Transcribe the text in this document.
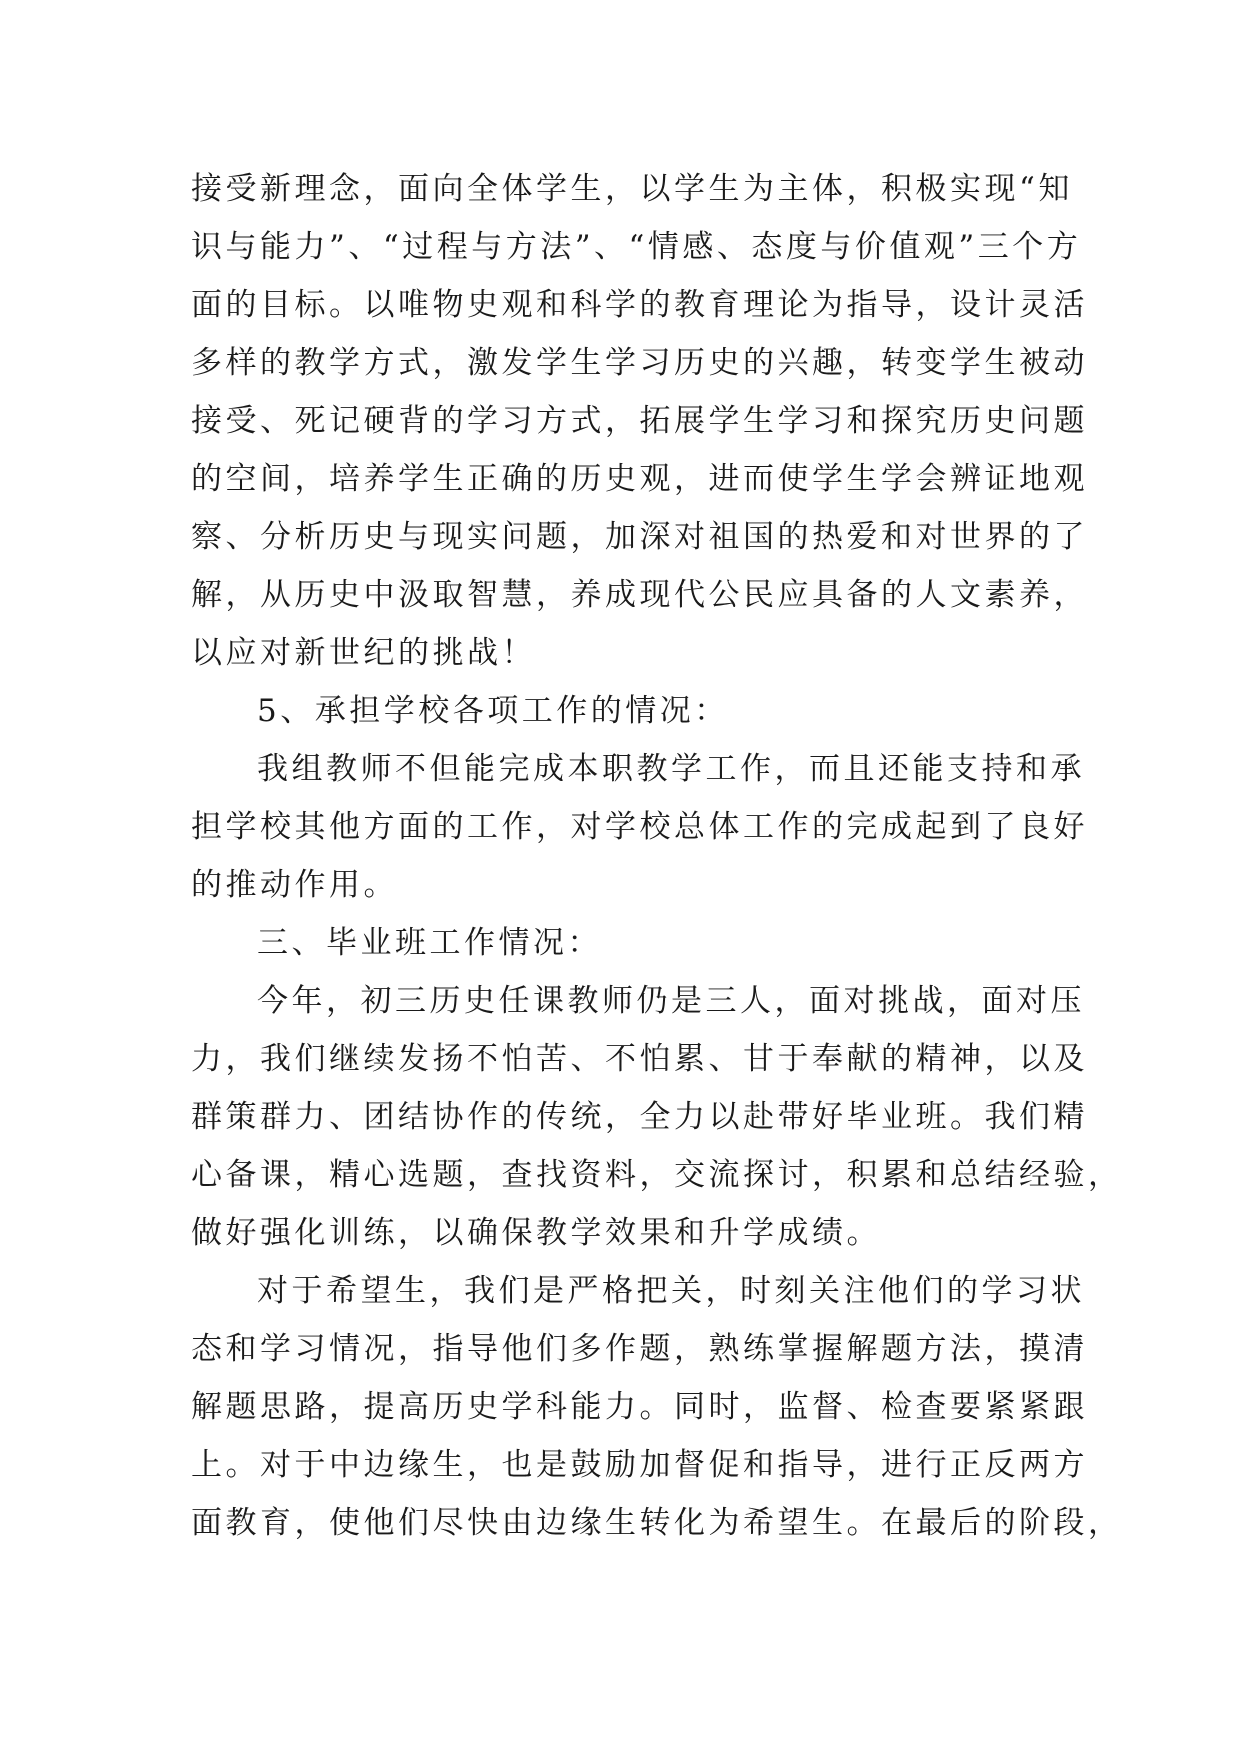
接受新理念，面向全体学生，以学生为主体，积极实现“知
识与能力”、“过程与方法”、“情感、态度与价值观”三个方
面的目标。以唯物史观和科学的教育理论为指导，设计灵活
多样的教学方式，激发学生学习历史的兴趣，转变学生被动
接受、死记硬背的学习方式，拓展学生学习和探究历史问题
的空间，培养学生正确的历史观，进而使学生学会辨证地观
察、分析历史与现实问题，加深对祖国的热爱和对世界的了
解，从历史中汲取智慧，养成现代公民应具备的人文素养，
以应对新世纪的挑战！
5、承担学校各项工作的情况：
我组教师不但能完成本职教学工作，而且还能支持和承
担学校其他方面的工作，对学校总体工作的完成起到了良好
的推动作用。
三、毕业班工作情况：
今年，初三历史任课教师仍是三人，面对挑战，面对压
力，我们继续发扬不怕苦、不怕累、甘于奉献的精神，以及
群策群力、团结协作的传统，全力以赴带好毕业班。我们精
心备课，精心选题，查找资料，交流探讨，积累和总结经验，
做好强化训练，以确保教学效果和升学成绩。
对于希望生，我们是严格把关，时刻关注他们的学习状
态和学习情况，指导他们多作题，熟练掌握解题方法，摸清
解题思路，提高历史学科能力。同时，监督、检查要紧紧跟
上。对于中边缘生，也是鼓励加督促和指导，进行正反两方
面教育，使他们尽快由边缘生转化为希望生。在最后的阶段，
